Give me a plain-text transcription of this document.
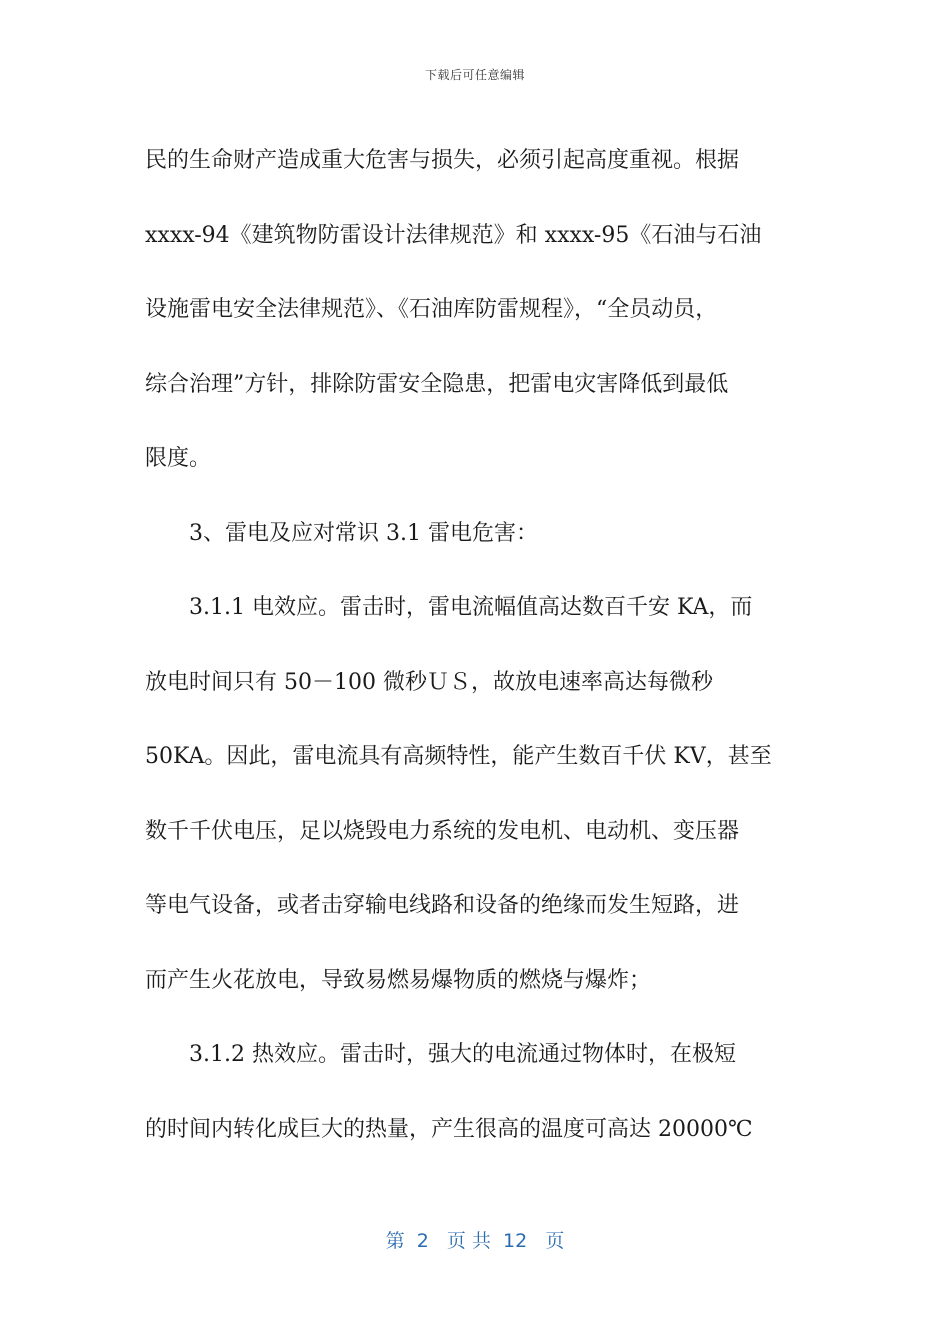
下载后可任意编辑
民的生命财产造成重大危害与损失，必须引起高度重视。根据
xxxx-94《建筑物防雷设计法律规范》和 xxxx-95《石油与石油
设施雷电安全法律规范》、《石油库防雷规程》，“全员动员，
综合治理”方针，排除防雷安全隐患，把雷电灾害降低到最低
限度。
3、雷电及应对常识 3.1 雷电危害：
3.1.1 电效应。雷击时，雷电流幅值高达数百千安 KA，而
放电时间只有 50－100 微秒ＵＳ，故放电速率高达每微秒
50KA。因此，雷电流具有高频特性，能产生数百千伏 KV，甚至
数千千伏电压，足以烧毁电力系统的发电机、电动机、变压器
等电气设备，或者击穿输电线路和设备的绝缘而发生短路，进
而产生火花放电，导致易燃易爆物质的燃烧与爆炸；
3.1.2 热效应。雷击时，强大的电流通过物体时，在极短
的时间内转化成巨大的热量，产生很高的温度可高达 20000℃
第  2   页 共  12   页
